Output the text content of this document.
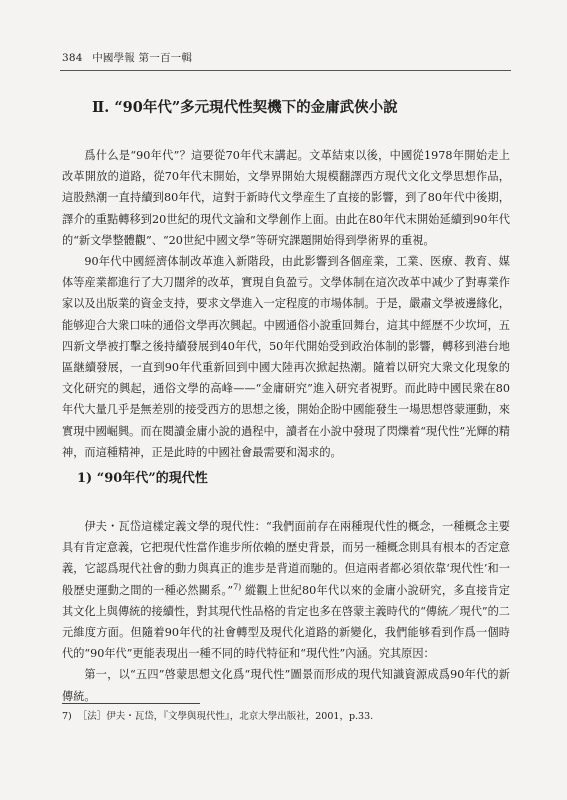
384 中國學報 第一百一輯
Ⅱ. “90年代”多元現代性契機下的金庸武俠小說

爲什么是“90年代”？這要從70年代末講起。文革結束以後，中國從1978年開始走上改革開放的道路，從70年代末開始，文學界開始大規模翻譯西方現代文化文學思想作品，這股熱潮一直持續到80年代，這對于新時代文學産生了直接的影響，到了80年代中後期，譯介的重點轉移到20世紀的現代文論和文學創作上面。由此在80年代末開始延續到90年代的“新文學整體觀”、“20世紀中國文學”等研究課題開始得到學術界的重視。

90年代中國經濟体制改革進入新階段，由此影響到各個産業，工業、医療、教育、媒体等産業都進行了大刀闊斧的改革，實現自負盈亏。文學体制在這次改革中减少了對專業作家以及出版業的資金支持，要求文學進入一定程度的市場体制。于是，嚴肅文學被邊緣化，能够迎合大衆口味的通俗文學再次興起。中國通俗小說重回舞台，這其中經歴不少坎坷，五四新文學被打擊之後持續發展到40年代，50年代開始受到政治体制的影響，轉移到港台地區継續發展，一直到90年代重新回到中國大陸再次掀起热潮。隨着以研究大衆文化現象的文化研究的興起，通俗文學的高峰——“金庸研究”進入研究者視野。而此時中國民衆在80年代大量几乎是無差別的接受西方的思想之後，開始企盼中國能發生一場思想啓蒙運動，來實現中國崛興。而在閱讀金庸小說的過程中，讀者在小說中發現了閃爍着“現代性”光輝的精神，而這種精神，正是此時的中國社會最需要和渴求的。

1) “90年代”的現代性

伊夫・瓦岱這樣定義文學的現代性：“我們面前存在兩種現代性的概念，一種概念主要具有肯定意義，它把現代性當作進步所依賴的歴史背景，而另一種概念則具有根本的否定意義，它認爲現代社會的動力與真正的進步是背道而馳的。但這兩者都必須依靠‘現代性’和一般歴史運動之間的一種必然關系。”$^{7)}$ 縱觀上世紀80年代以來的金庸小說研究，多直接肯定其文化上與傳統的接續性，對其現代性品格的肯定也多在啓蒙主義時代的“傳統／現代”的二元維度方面。但隨着90年代的社會轉型及現代化道路的新變化，我們能够看到作爲一個時代的“90年代”更能表現出一種不同的時代特征和“現代性”內涵。究其原因：

第一，以“五四”啓蒙思想文化爲“現代性”圖景而形成的現代知識資源成爲90年代的新傳統。

7) ［法］伊夫・瓦岱，『文學與現代性』，北京大學出版社，2001，p.33.
